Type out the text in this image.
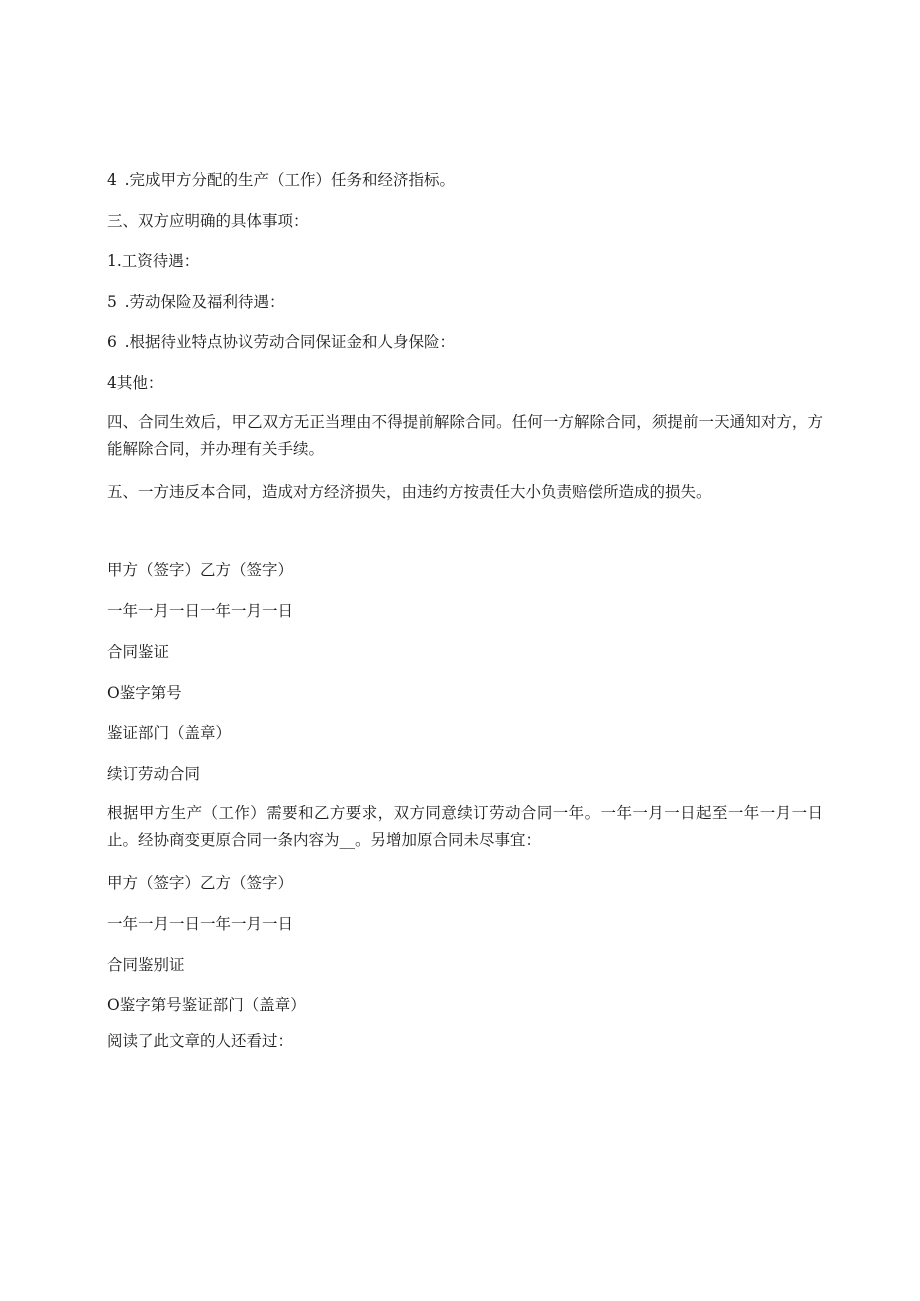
4 .完成甲方分配的生产（工作）任务和经济指标。
三、双方应明确的具体事项：
1.工资待遇：
5 .劳动保险及福利待遇：
6 .根据待业特点协议劳动合同保证金和人身保险：
4其他：
四、合同生效后，甲乙双方无正当理由不得提前解除合同。任何一方解除合同，须提前一天通知对方，方能解除合同，并办理有关手续。
五、一方违反本合同，造成对方经济损失，由违约方按责任大小负责赔偿所造成的损失。
甲方（签字）乙方（签字）
一年一月一日一年一月一日
合同鉴证
O鉴字第号
鉴证部门（盖章）
续订劳动合同
根据甲方生产（工作）需要和乙方要求，双方同意续订劳动合同一年。一年一月一日起至一年一月一日止。经协商变更原合同一条内容为__。另增加原合同未尽事宜：
甲方（签字）乙方（签字）
一年一月一日一年一月一日
合同鉴别证
O鉴字第号鉴证部门（盖章）
阅读了此文章的人还看过：
